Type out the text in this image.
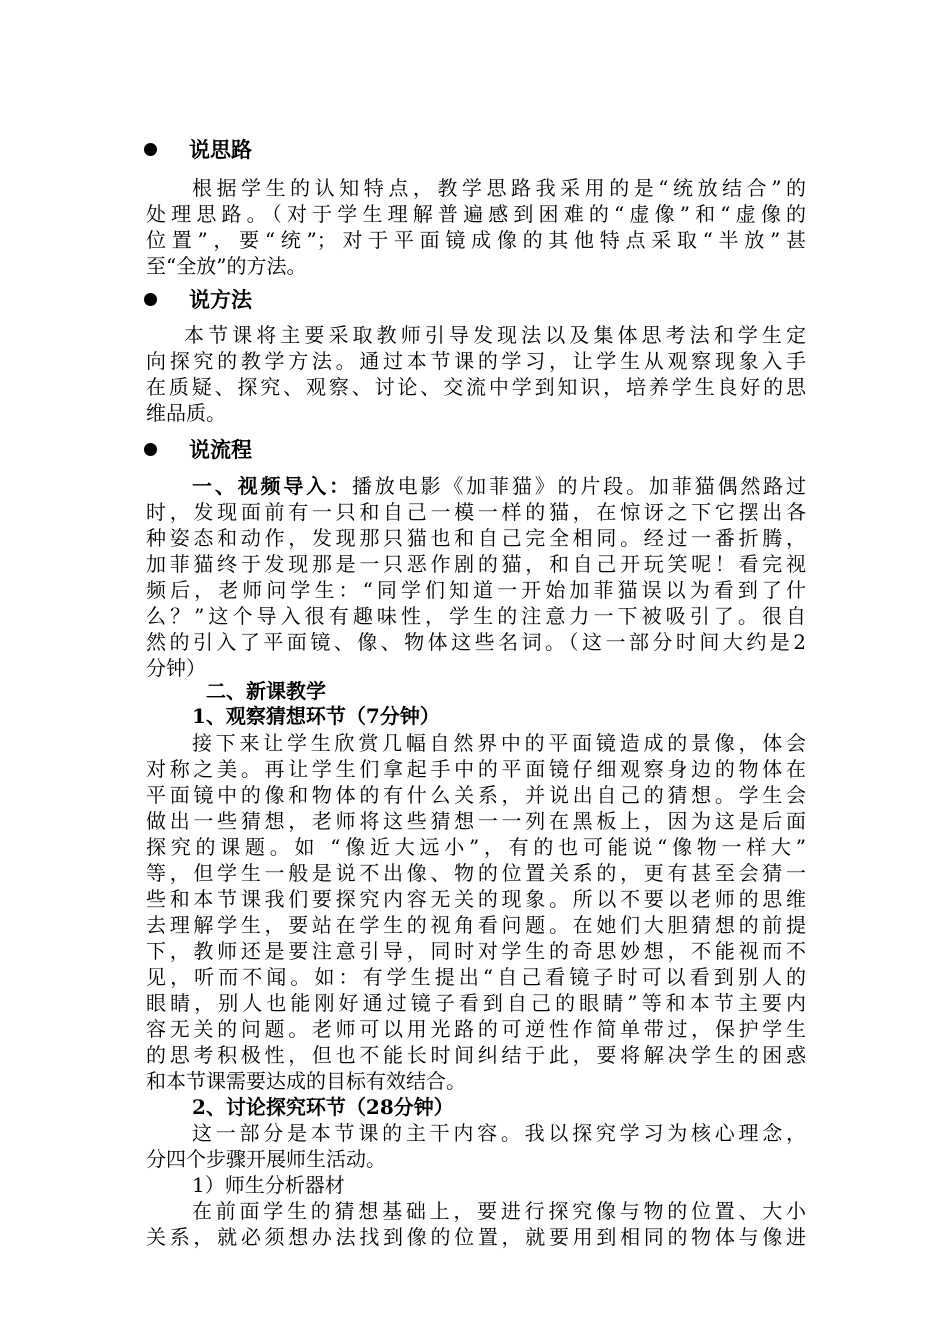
说思路
根据学生的认知特点，教学思路我采用的是“统放结合”的
处理思路。（对于学生理解普遍感到困难的“虚像”和“虚像的
位置”，要“统”；对于平面镜成像的其他特点采取“半放”甚
至“全放”的方法。
说方法
本节课将主要采取教师引导发现法以及集体思考法和学生定
向探究的教学方法。通过本节课的学习，让学生从观察现象入手
在质疑、探究、观察、讨论、交流中学到知识，培养学生良好的思
维品质。
说流程
一、视频导入：播放电影《加菲猫》的片段。加菲猫偶然路过
时，发现面前有一只和自己一模一样的猫，在惊讶之下它摆出各
种姿态和动作，发现那只猫也和自己完全相同。经过一番折腾，
加菲猫终于发现那是一只恶作剧的猫，和自己开玩笑呢！看完视
频后，老师问学生：“同学们知道一开始加菲猫误以为看到了什
么？”这个导入很有趣味性，学生的注意力一下被吸引了。很自
然的引入了平面镜、像、物体这些名词。（这一部分时间大约是2
分钟）
二、新课教学
1、观察猜想环节（7分钟）
接下来让学生欣赏几幅自然界中的平面镜造成的景像，体会
对称之美。再让学生们拿起手中的平面镜仔细观察身边的物体在
平面镜中的像和物体的有什么关系，并说出自己的猜想。学生会
做出一些猜想，老师将这些猜想一一列在黑板上，因为这是后面
探究的课题。如 “像近大远小”，有的也可能说“像物一样大”
等，但学生一般是说不出像、物的位置关系的，更有甚至会猜一
些和本节课我们要探究内容无关的现象。所以不要以老师的思维
去理解学生，要站在学生的视角看问题。在她们大胆猜想的前提
下，教师还是要注意引导，同时对学生的奇思妙想，不能视而不
见，听而不闻。如：有学生提出“自己看镜子时可以看到别人的
眼睛，别人也能刚好通过镜子看到自己的眼睛”等和本节主要内
容无关的问题。老师可以用光路的可逆性作简单带过，保护学生
的思考积极性，但也不能长时间纠结于此，要将解决学生的困惑
和本节课需要达成的目标有效结合。
2、讨论探究环节（28分钟）
这一部分是本节课的主干内容。我以探究学习为核心理念，
分四个步骤开展师生活动。
1）师生分析器材
在前面学生的猜想基础上，要进行探究像与物的位置、大小
关系，就必须想办法找到像的位置，就要用到相同的物体与像进
